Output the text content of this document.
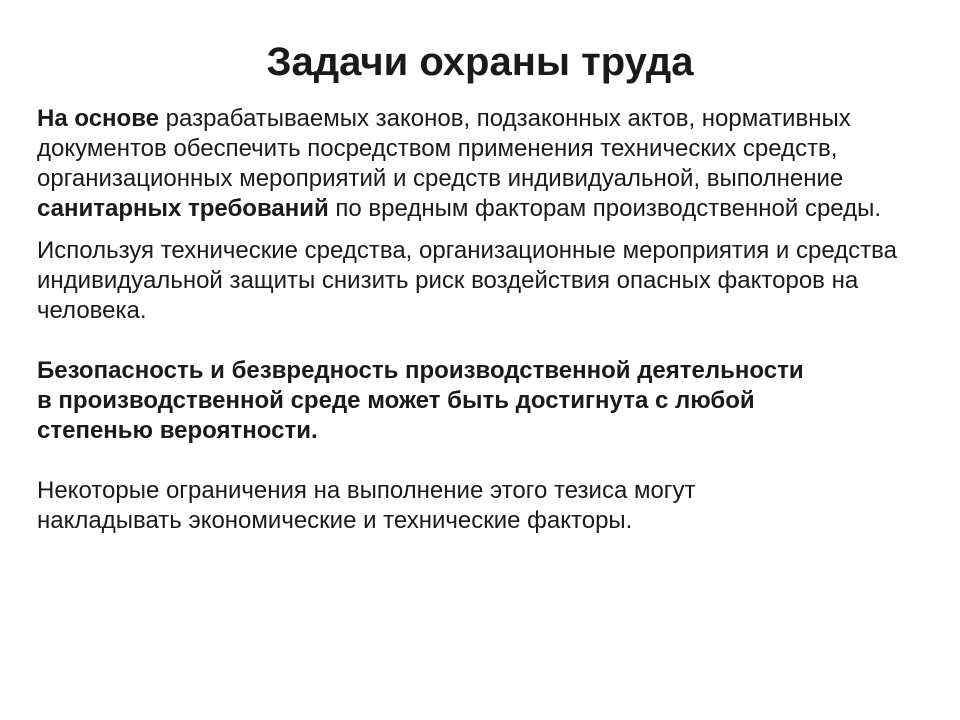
Задачи охраны труда

На основе разрабатываемых законов, подзаконных актов, нормативных документов обеспечить посредством применения технических средств, организационных мероприятий и средств индивидуальной, выполнение санитарных требований по вредным факторам производственной среды.

Используя технические средства, организационные мероприятия и средства индивидуальной защиты снизить риск воздействия опасных факторов на человека.

Безопасность и безвредность производственной деятельности
в производственной среде может быть достигнута с любой
степенью вероятности.

Некоторые ограничения на выполнение этого тезиса могут
накладывать экономические и технические факторы.
